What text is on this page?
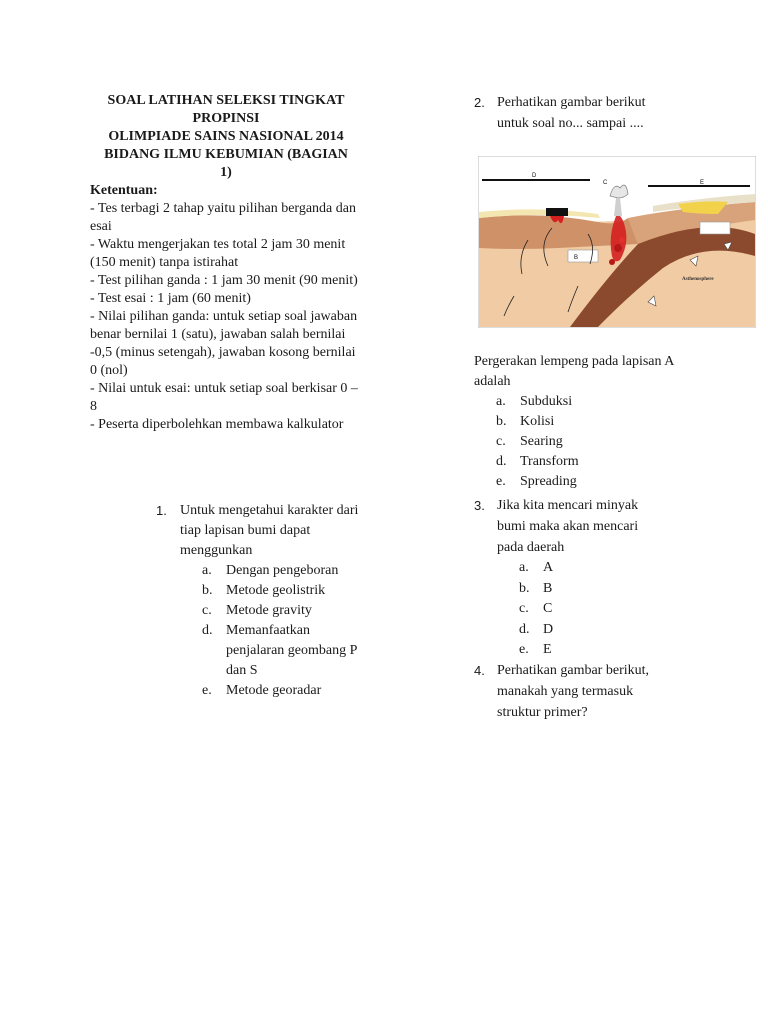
SOAL LATIHAN SELEKSI TINGKAT
PROPINSI
OLIMPIADE SAINS NASIONAL 2014
BIDANG ILMU KEBUMIAN (BAGIAN
1)
Ketentuan:
- Tes terbagi 2 tahap yaitu pilihan berganda dan esai
- Waktu mengerjakan tes total 2 jam 30 menit (150 menit) tanpa istirahat
- Test pilihan ganda : 1 jam 30 menit (90 menit)
- Test esai : 1 jam (60 menit)
- Nilai pilihan ganda: untuk setiap soal jawaban benar bernilai 1 (satu), jawaban salah bernilai -0,5 (minus setengah), jawaban kosong bernilai 0 (nol)
- Nilai untuk esai: untuk setiap soal berkisar 0 – 8
- Peserta diperbolehkan membawa kalkulator
1. Untuk mengetahui karakter dari tiap lapisan bumi dapat menggunkan
a. Dengan pengeboran
b. Metode geolistrik
c. Metode gravity
d. Memanfaatkan penjalaran geombang P dan S
e. Metode georadar
2. Perhatikan gambar berikut untuk soal no... sampai ....
D
C	E
B
Asthenosphere
Pergerakan lempeng pada lapisan A adalah
a. Subduksi
b. Kolisi
c. Searing
d. Transform
e. Spreading
3. Jika kita mencari minyak bumi maka akan mencari pada daerah
a. A
b. B
c. C
d. D
e. E
4. Perhatikan gambar berikut, manakah yang termasuk struktur primer?
